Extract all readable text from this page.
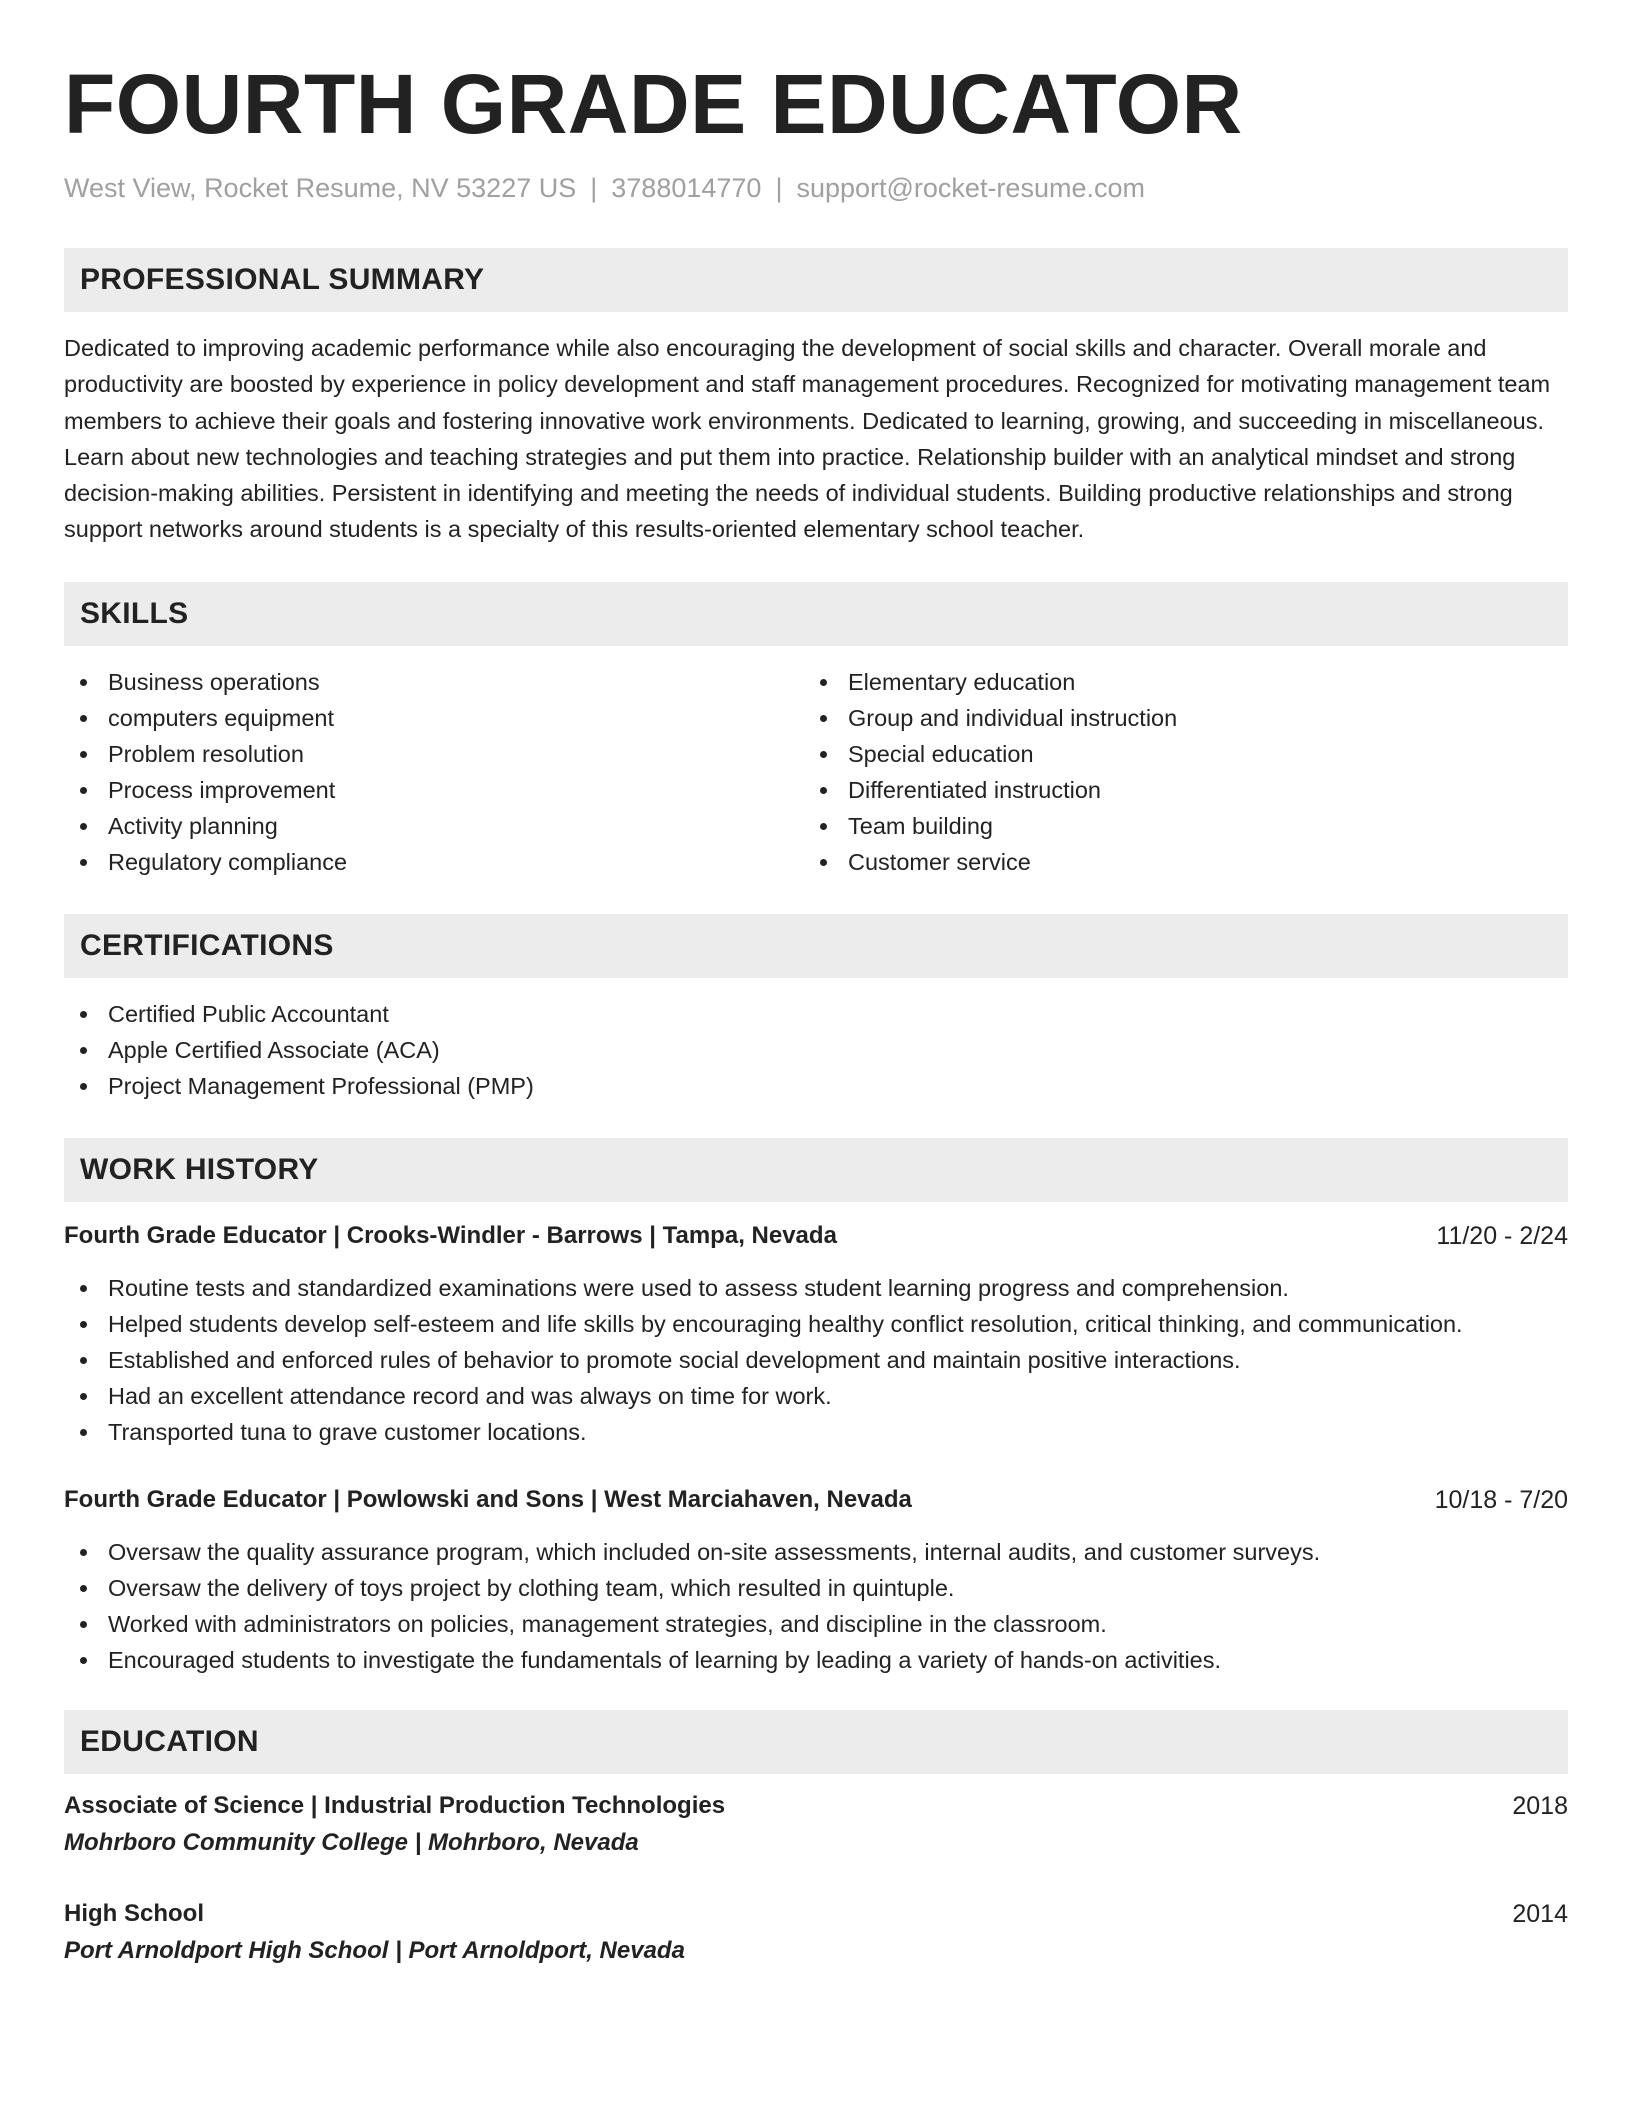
FOURTH GRADE EDUCATOR
West View, Rocket Resume, NV 53227 US | 3788014770 | support@rocket-resume.com
PROFESSIONAL SUMMARY

Dedicated to improving academic performance while also encouraging the development of social skills and character. Overall morale and productivity are boosted by experience in policy development and staff management procedures. Recognized for motivating management team members to achieve their goals and fostering innovative work environments. Dedicated to learning, growing, and succeeding in miscellaneous. Learn about new technologies and teaching strategies and put them into practice. Relationship builder with an analytical mindset and strong decision-making abilities. Persistent in identifying and meeting the needs of individual students. Building productive relationships and strong support networks around students is a specialty of this results-oriented elementary school teacher.

SKILLS
Business operations
computers equipment
Problem resolution
Process improvement
Activity planning
Regulatory compliance
Elementary education
Group and individual instruction
Special education
Differentiated instruction
Team building
Customer service
CERTIFICATIONS
Certified Public Accountant
Apple Certified Associate (ACA)
Project Management Professional (PMP)
WORK HISTORY
Fourth Grade Educator | Crooks-Windler - Barrows | Tampa, Nevada	11/20 - 2/24
Routine tests and standardized examinations were used to assess student learning progress and comprehension.
Helped students develop self-esteem and life skills by encouraging healthy conflict resolution, critical thinking, and communication.
Established and enforced rules of behavior to promote social development and maintain positive interactions.
Had an excellent attendance record and was always on time for work.
Transported tuna to grave customer locations.
Fourth Grade Educator | Powlowski and Sons | West Marciahaven, Nevada	10/18 - 7/20
Oversaw the quality assurance program, which included on-site assessments, internal audits, and customer surveys.
Oversaw the delivery of toys project by clothing team, which resulted in quintuple.
Worked with administrators on policies, management strategies, and discipline in the classroom.
Encouraged students to investigate the fundamentals of learning by leading a variety of hands-on activities.
EDUCATION
Associate of Science | Industrial Production Technologies	2018
Mohrboro Community College | Mohrboro, Nevada
High School	2014
Port Arnoldport High School | Port Arnoldport, Nevada
